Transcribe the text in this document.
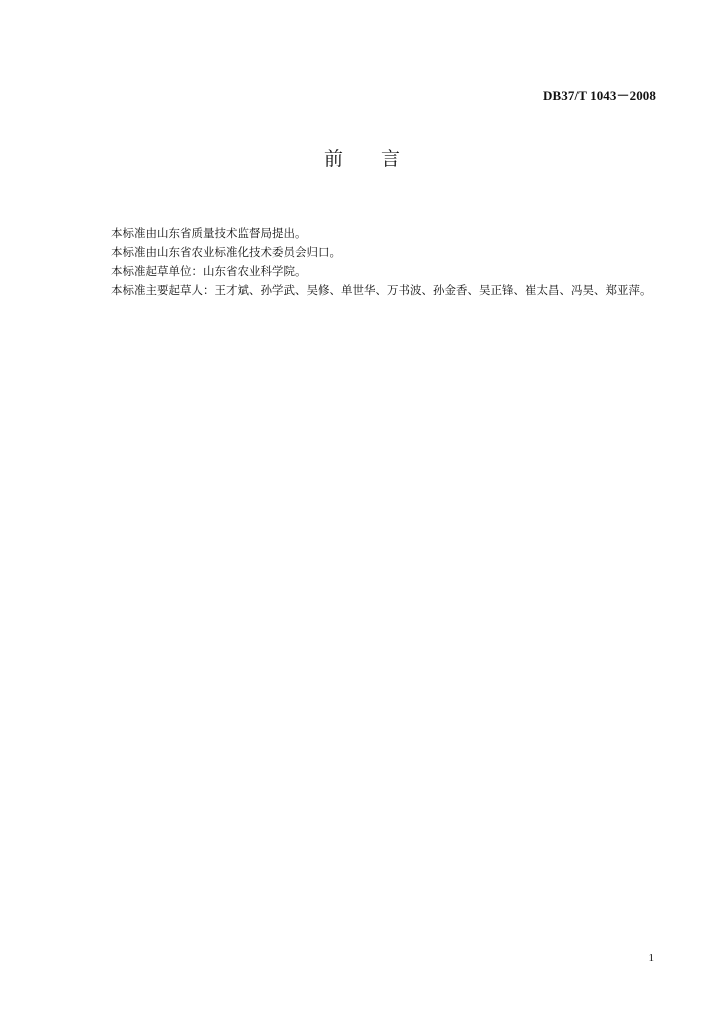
DB37/T 1043－2008
前　　言

本标准由山东省质量技术监督局提出。

本标准由山东省农业标准化技术委员会归口。

本标准起草单位：山东省农业科学院。

本标准主要起草人：王才斌、孙学武、吴修、单世华、万书波、孙金香、吴正锋、崔太昌、冯昊、郑亚萍。

1
